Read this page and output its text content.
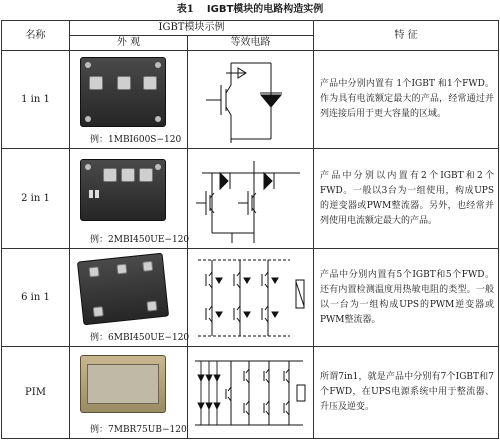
表1 IGBT模块的电路构造实例
名称	IGBT模块示例		特 征
	外 观	等效电路	
1 in 1	例：1MBI600S−120		产品中分别内置有 1个IGBT 和1个FWD。作为具有电流额定最大的产品，经常通过并列连接后用于更大容量的区域。
2 in 1	例：2MBI450UE−120		产品中分别以内置有2个IGBT和2个FWD。一般以3台为一组使用，构成UPS的逆变器或PWM整流器。另外，也经常并列使用电流额定最大的产品。
6 in 1	例：6MBI450UE−120		产品中分别内置有5个IGBT和5个FWD。还有内置检测温度用热敏电阻的类型。一般以一台为一组构成UPS的PWM逆变器或PWM整流器。
PIM	例：7MBR75UB−120		所谓7in1，就是产品中分别有7个IGBT和7个FWD，在UPS电源系统中用于整流器、升压及逆变。
